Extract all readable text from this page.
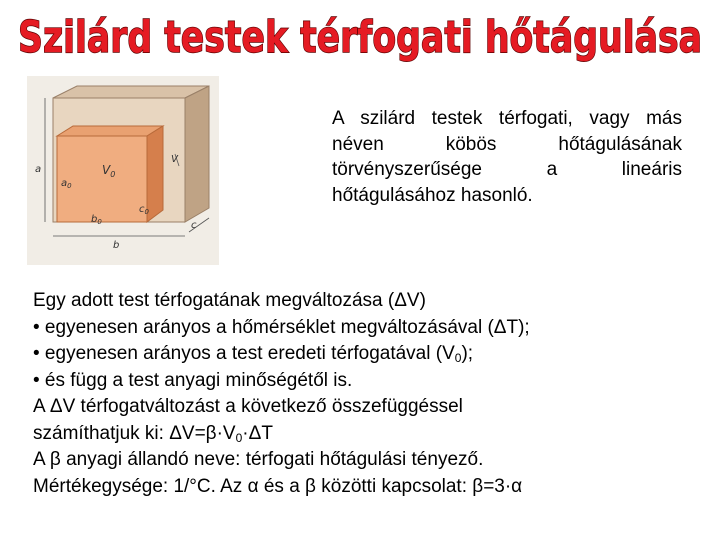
Szilárd testek térfogati hőtágulása
a
$a_0$
$V_0$
$b_0$
$c_0$
V
c
b
A szilárd testek térfogati, vagy más néven köbös hőtágulásának törvényszerűsége a lineáris hőtágulásához hasonló.
Egy adott test térfogatának megváltozása (ΔV)
• egyenesen arányos a hőmérséklet megváltozásával (ΔT);
• egyenesen arányos a test eredeti térfogatával $(V_0)$;
• és függ a test anyagi minőségétől is.
A ΔV térfogatváltozást a következő összefüggéssel
számíthatjuk ki: $\Delta V=\beta\cdot V_0\cdot\Delta T$
A β anyagi állandó neve: térfogati hőtágulási tényező.
Mértékegysége: 1/°C. Az α és a β közötti kapcsolat: β=3·α
